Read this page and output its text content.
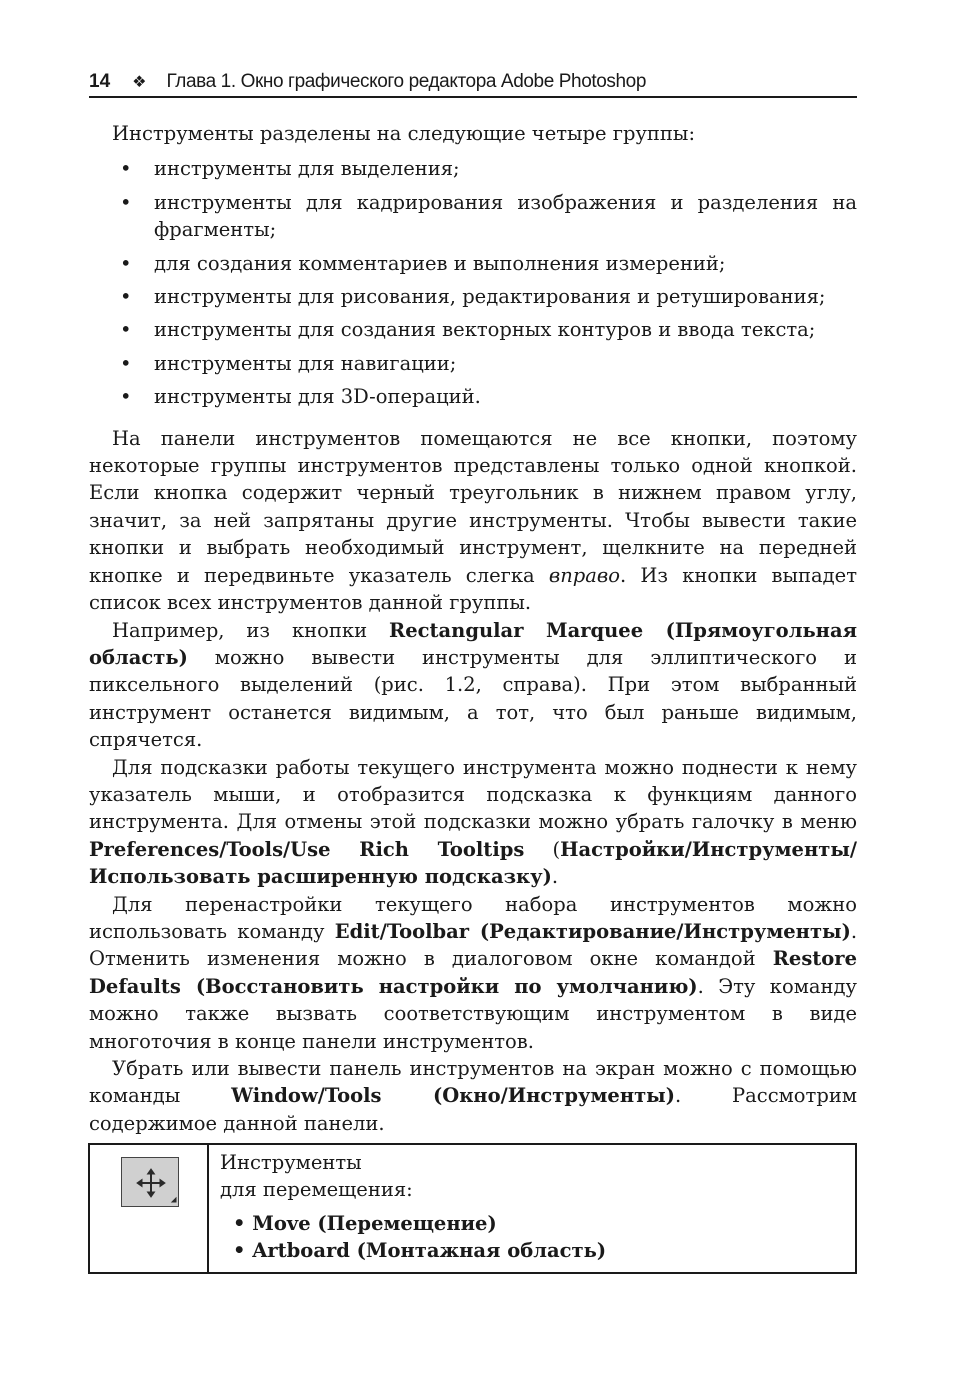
14 ❖ Глава 1. Окно графического редактора Adobe Photoshop

Инструменты разделены на следующие четыре группы:

• инструменты для выделения;
• инструменты для кадрирования изображения и разделения на фрагменты;
• для создания комментариев и выполнения измерений;
• инструменты для рисования, редактирования и ретуширования;
• инструменты для создания векторных контуров и ввода текста;
• инструменты для навигации;
• инструменты для 3D-операций.

На панели инструментов помещаются не все кнопки, поэтому некоторые группы инструментов представлены только одной кнопкой. Если кнопка содержит черный треугольник в нижнем правом углу, значит, за ней запрятаны другие инструменты. Чтобы вывести такие кнопки и выбрать необходимый инструмент, щелкните на передней кнопке и передвиньте указатель слегка вправо. Из кнопки выпадет список всех инструментов данной группы.

Например, из кнопки Rectangular Marquee (Прямоугольная область) можно вывести инструменты для эллиптического и пиксельного выделений (рис. 1.2, справа). При этом выбранный инструмент останется видимым, а тот, что был раньше видимым, спрячется.

Для подсказки работы текущего инструмента можно поднести к нему указатель мыши, и отобразится подсказка к функциям данного инструмента. Для отмены этой подсказки можно убрать галочку в меню Preferences/Tools/Use Rich Tooltips (Настройки/Инструменты/Использовать расширенную подсказку).

Для перенастройки текущего набора инструментов можно использовать команду Edit/Toolbar (Редактирование/Инструменты). Отменить изменения можно в диалоговом окне командой Restore Defaults (Восстановить настройки по умолчанию). Эту команду можно также вызвать соответствующим инструментом в виде многоточия в конце панели инструментов.

Убрать или вывести панель инструментов на экран можно с помощью команды Window/Tools (Окно/Инструменты). Рассмотрим содержимое данной панели.

Инструменты
для перемещения:
• Move (Перемещение)
• Artboard (Монтажная область)
